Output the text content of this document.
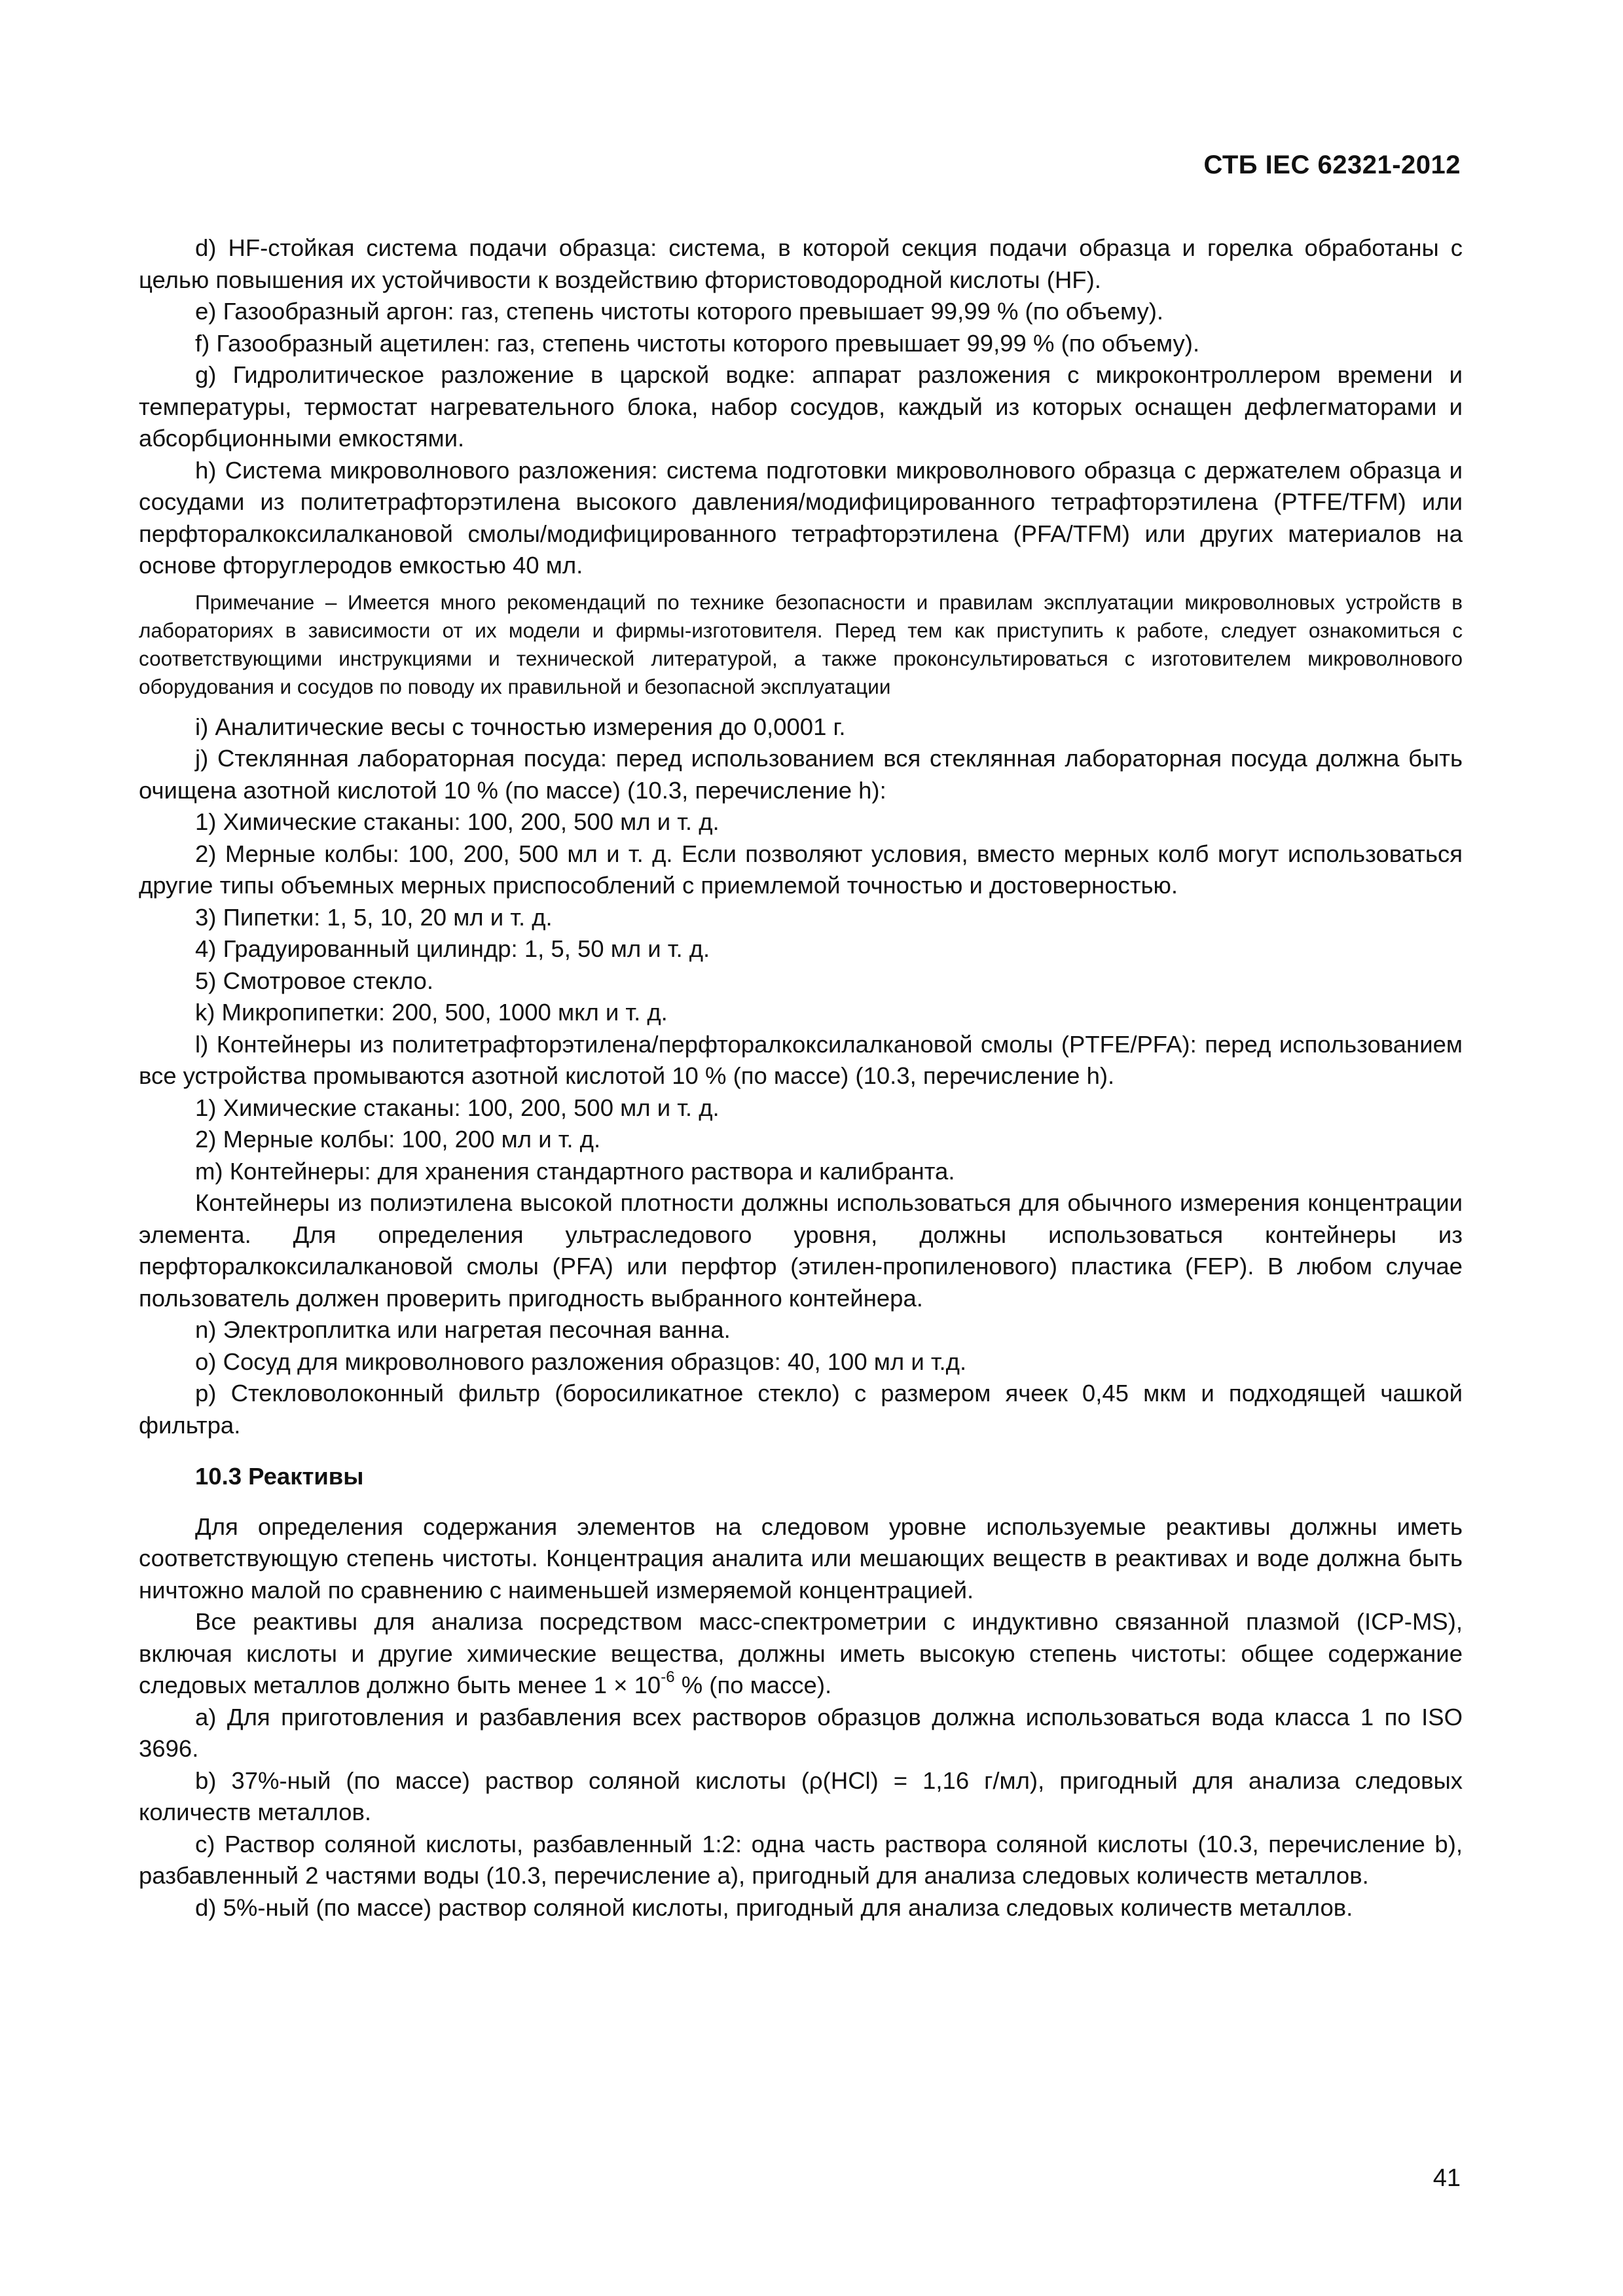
СТБ IEC 62321-2012

d) HF-стойкая система подачи образца: система, в которой секция подачи образца и горелка обработаны с целью повышения их устойчивости к воздействию фтористоводородной кислоты (HF).

e) Газообразный аргон: газ, степень чистоты которого превышает 99,99 % (по объему).

f) Газообразный ацетилен: газ, степень чистоты которого превышает 99,99 % (по объему).

g) Гидролитическое разложение в царской водке: аппарат разложения с микроконтроллером времени и температуры, термостат нагревательного блока, набор сосудов, каждый из которых оснащен дефлегматорами и абсорбционными емкостями.

h) Система микроволнового разложения: система подготовки микроволнового образца с держателем образца и сосудами из политетрафторэтилена высокого давления/модифицированного тетрафторэтилена (PTFE/TFM) или перфторалкоксилалкановой смолы/модифицированного тетрафторэтилена (PFA/TFM) или других материалов на основе фторуглеродов емкостью 40 мл.

Примечание – Имеется много рекомендаций по технике безопасности и правилам эксплуатации микроволновых устройств в лабораториях в зависимости от их модели и фирмы-изготовителя. Перед тем как приступить к работе, следует ознакомиться с соответствующими инструкциями и технической литературой, а также проконсультироваться с изготовителем микроволнового оборудования и сосудов по поводу их правильной и безопасной эксплуатации

i) Аналитические весы с точностью измерения до 0,0001 г.

j) Стеклянная лабораторная посуда: перед использованием вся стеклянная лабораторная посуда должна быть очищена азотной кислотой 10 % (по массе) (10.3, перечисление h):

1) Химические стаканы: 100, 200, 500 мл и т. д.

2) Мерные колбы: 100, 200, 500 мл и т. д. Если позволяют условия, вместо мерных колб могут использоваться другие типы объемных мерных приспособлений с приемлемой точностью и достоверностью.

3) Пипетки: 1, 5, 10, 20 мл и т. д.

4) Градуированный цилиндр: 1, 5, 50 мл и т. д.

5) Смотровое стекло.

k) Микропипетки: 200, 500, 1000 мкл и т. д.

l) Контейнеры из политетрафторэтилена/перфторалкоксилалкановой смолы (PTFE/PFA): перед использованием все устройства промываются азотной кислотой 10 % (по массе) (10.3, перечисление h).

1) Химические стаканы: 100, 200, 500 мл и т. д.

2) Мерные колбы: 100, 200 мл и т. д.

m) Контейнеры: для хранения стандартного раствора и калибранта.

Контейнеры из полиэтилена высокой плотности должны использоваться для обычного измерения концентрации элемента. Для определения ультраследового уровня, должны использоваться контейнеры из перфторалкоксилалкановой смолы (PFA) или перфтор (этилен-пропиленового) пластика (FEP). В любом случае пользователь должен проверить пригодность выбранного контейнера.

n) Электроплитка или нагретая песочная ванна.

o) Сосуд для микроволнового разложения образцов: 40, 100 мл и т.д.

p) Стекловолоконный фильтр (боросиликатное стекло) с размером ячеек 0,45 мкм и подходящей чашкой фильтра.

10.3 Реактивы

Для определения содержания элементов на следовом уровне используемые реактивы должны иметь соответствующую степень чистоты. Концентрация аналита или мешающих веществ в реактивах и воде должна быть ничтожно малой по сравнению с наименьшей измеряемой концентрацией.

Все реактивы для анализа посредством масс-спектрометрии с индуктивно связанной плазмой (ICP-MS), включая кислоты и другие химические вещества, должны иметь высокую степень чистоты: общее содержание следовых металлов должно быть менее $1 \times 10^{-6}$ % (по массе).

a) Для приготовления и разбавления всех растворов образцов должна использоваться вода класса 1 по ISO 3696.

b) 37%-ный (по массе) раствор соляной кислоты (ρ(HCl) = 1,16 г/мл), пригодный для анализа следовых количеств металлов.

c) Раствор соляной кислоты, разбавленный 1:2: одна часть раствора соляной кислоты (10.3, перечисление b), разбавленный 2 частями воды (10.3, перечисление a), пригодный для анализа следовых количеств металлов.

d) 5%-ный (по массе) раствор соляной кислоты, пригодный для анализа следовых количеств металлов.

41
